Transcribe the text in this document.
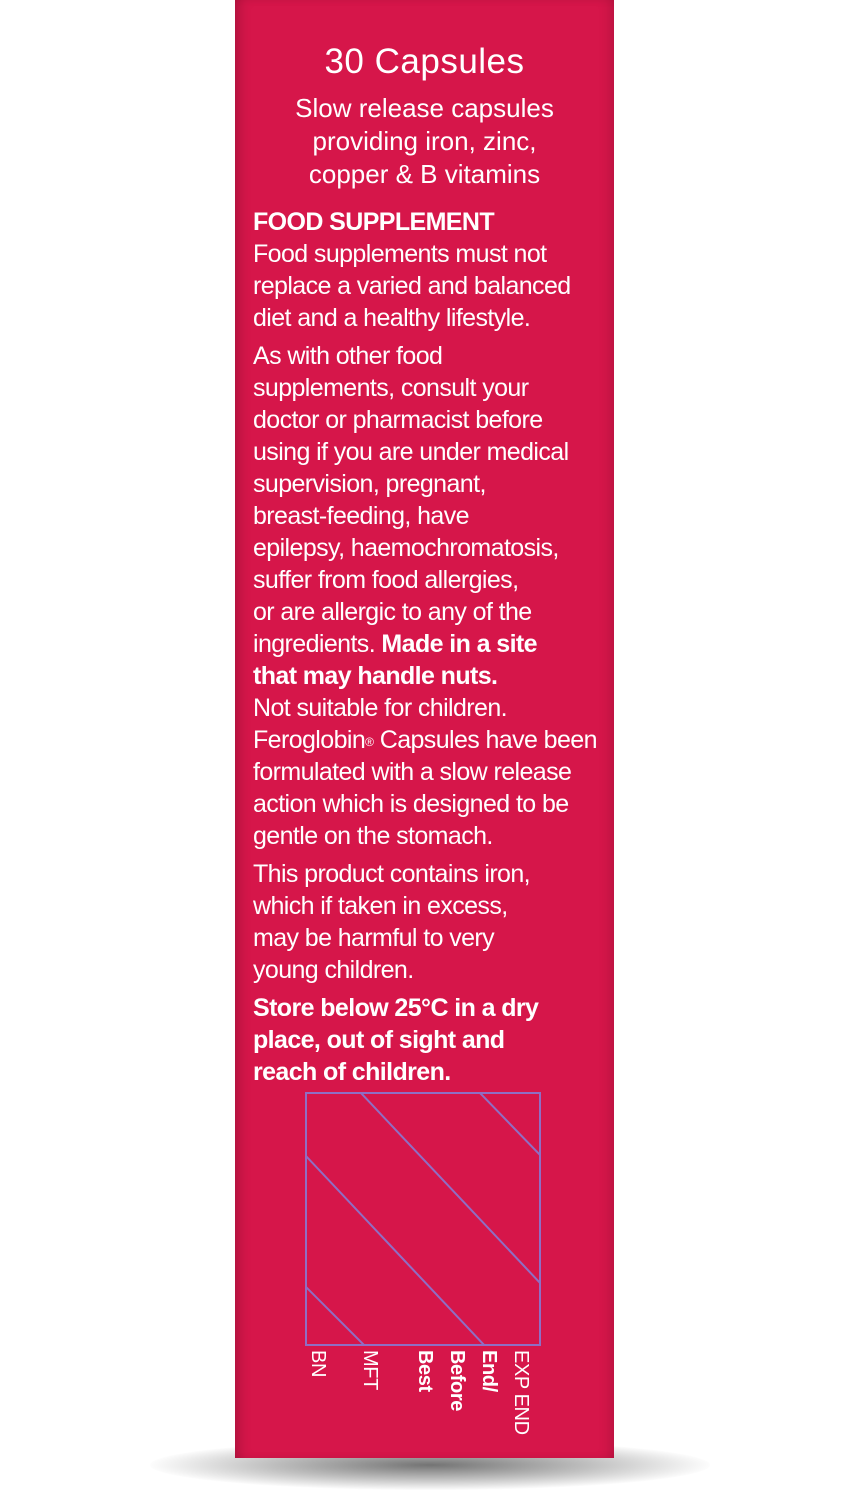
30 Capsules
Slow release capsules
providing iron, zinc,
copper & B vitamins

FOOD SUPPLEMENT

Food supplements must not
replace a varied and balanced
diet and a healthy lifestyle.

As with other food
supplements, consult your
doctor or pharmacist before
using if you are under medical
supervision, pregnant,
breast-feeding, have
epilepsy, haemochromatosis,
suffer from food allergies,
or are allergic to any of the
ingredients. Made in a site
that may handle nuts.
Not suitable for children.
Feroglobin® Capsules have been
formulated with a slow release
action which is designed to be
gentle on the stomach.

This product contains iron,
which if taken in excess,
may be harmful to very
young children.

Store below 25°C in a dry
place, out of sight and
reach of children.

BN MFT Best Before End/ EXP END
